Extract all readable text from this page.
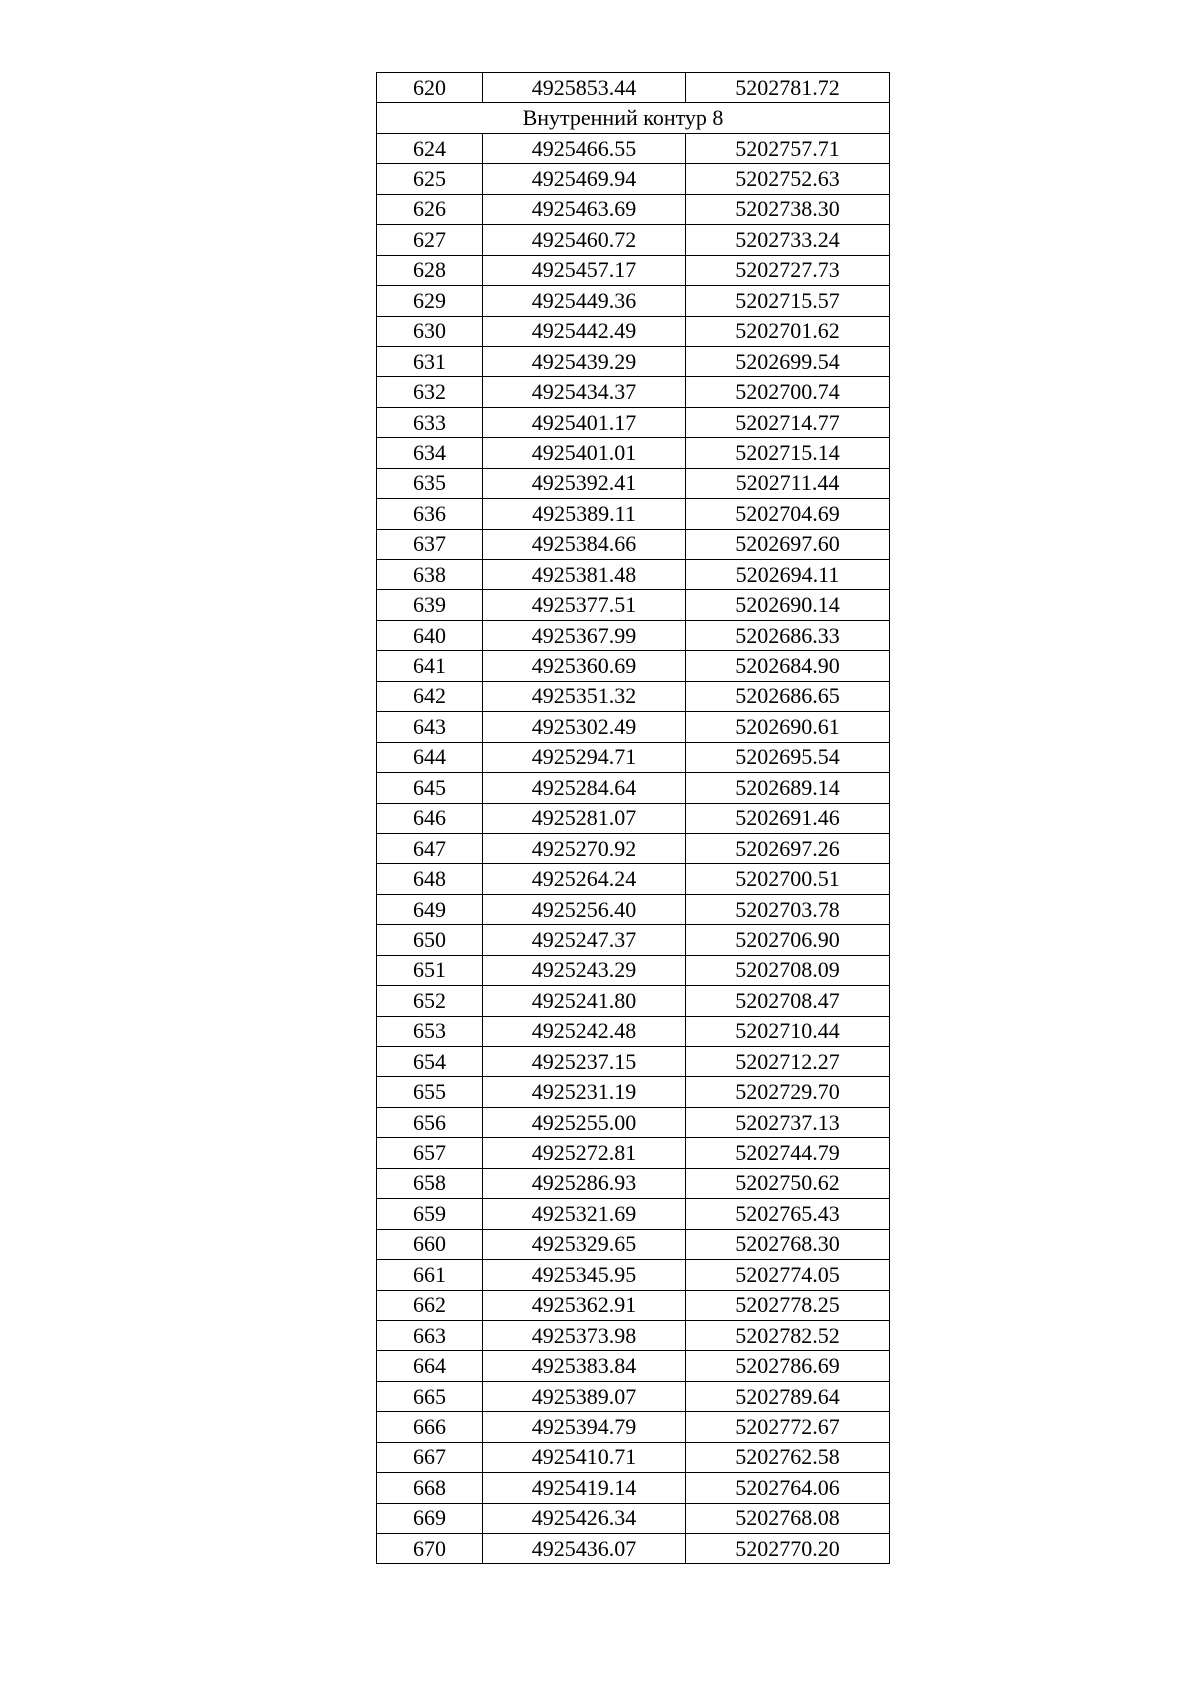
620	4925853.44	5202781.72
Внутренний контур 8		
624	4925466.55	5202757.71
625	4925469.94	5202752.63
626	4925463.69	5202738.30
627	4925460.72	5202733.24
628	4925457.17	5202727.73
629	4925449.36	5202715.57
630	4925442.49	5202701.62
631	4925439.29	5202699.54
632	4925434.37	5202700.74
633	4925401.17	5202714.77
634	4925401.01	5202715.14
635	4925392.41	5202711.44
636	4925389.11	5202704.69
637	4925384.66	5202697.60
638	4925381.48	5202694.11
639	4925377.51	5202690.14
640	4925367.99	5202686.33
641	4925360.69	5202684.90
642	4925351.32	5202686.65
643	4925302.49	5202690.61
644	4925294.71	5202695.54
645	4925284.64	5202689.14
646	4925281.07	5202691.46
647	4925270.92	5202697.26
648	4925264.24	5202700.51
649	4925256.40	5202703.78
650	4925247.37	5202706.90
651	4925243.29	5202708.09
652	4925241.80	5202708.47
653	4925242.48	5202710.44
654	4925237.15	5202712.27
655	4925231.19	5202729.70
656	4925255.00	5202737.13
657	4925272.81	5202744.79
658	4925286.93	5202750.62
659	4925321.69	5202765.43
660	4925329.65	5202768.30
661	4925345.95	5202774.05
662	4925362.91	5202778.25
663	4925373.98	5202782.52
664	4925383.84	5202786.69
665	4925389.07	5202789.64
666	4925394.79	5202772.67
667	4925410.71	5202762.58
668	4925419.14	5202764.06
669	4925426.34	5202768.08
670	4925436.07	5202770.20
